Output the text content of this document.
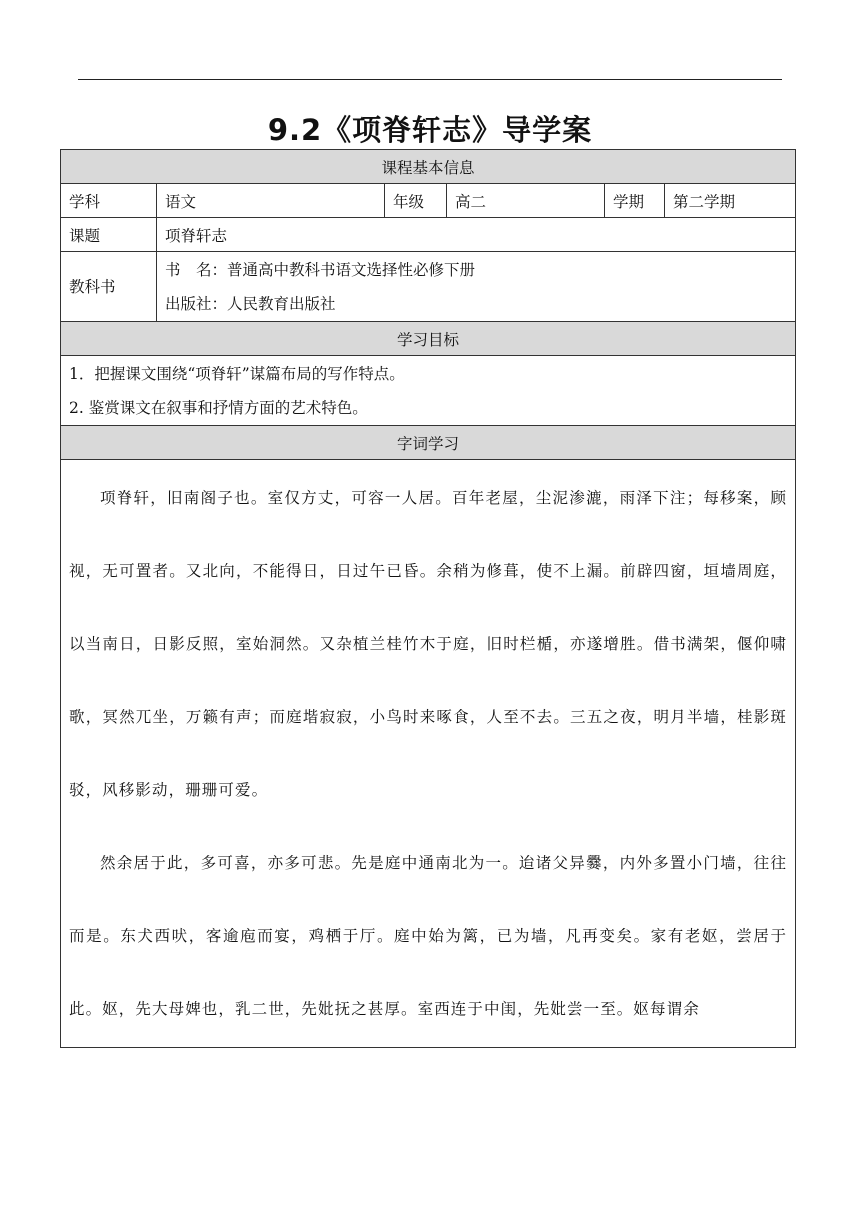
9.2《项脊轩志》导学案
课程基本信息					
学科	语文	年级	高二	学期	第二学期
课题	项脊轩志				

教科书	书　名：普通高中教科书语文选择性必修下册
出版社：人民教育出版社				

学习目标					

1．把握课文围绕“项脊轩”谋篇布局的写作特点。
2. 鉴赏课文在叙事和抒情方面的艺术特色。					

字词学习					

项脊轩，旧南阁子也。室仅方丈，可容一人居。百年老屋，尘泥渗漉，雨泽下注；每移案，顾视，无可置者。又北向，不能得日，日过午已昏。余稍为修葺，使不上漏。前辟四窗，垣墙周庭，以当南日，日影反照，室始洞然。又杂植兰桂竹木于庭，旧时栏楯，亦遂增胜。借书满架，偃仰啸歌，冥然兀坐，万籁有声；而庭堦寂寂，小鸟时来啄食，人至不去。三五之夜，明月半墙，桂影斑驳，风移影动，珊珊可爱。

然余居于此，多可喜，亦多可悲。先是庭中通南北为一。迨诸父异爨，内外多置小门墙，往往而是。东犬西吠，客逾庖而宴，鸡栖于厅。庭中始为篱，已为墙，凡再变矣。家有老妪，尝居于此。妪，先大母婢也，乳二世，先妣抚之甚厚。室西连于中闺，先妣尝一至。妪每谓余					
